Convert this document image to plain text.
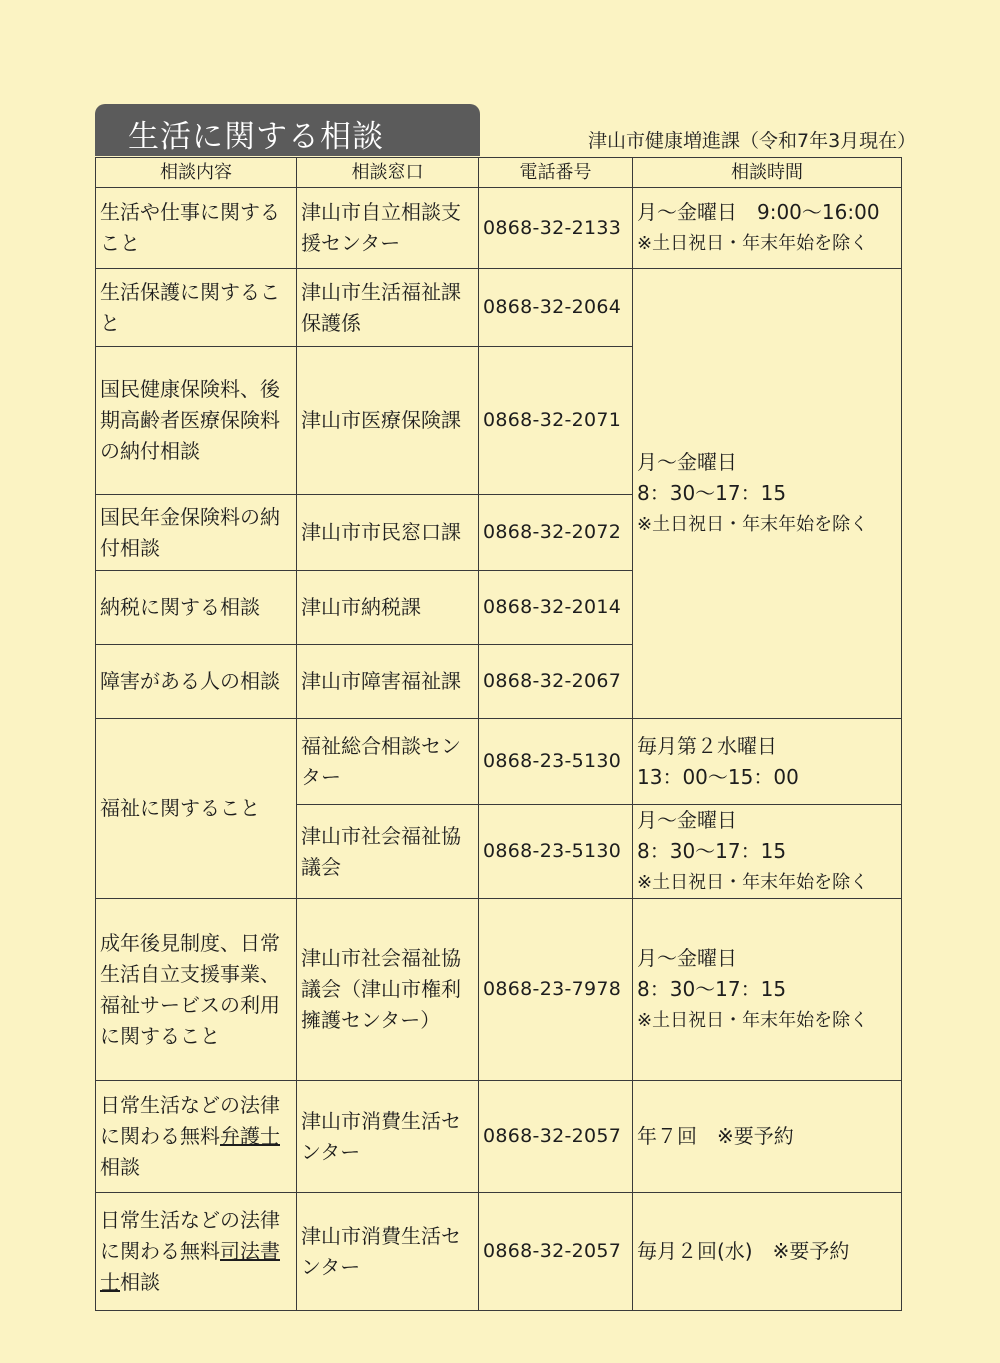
生活に関する相談	津山市健康増進課（令和7年3月現在）
相談内容	相談窓口	電話番号	相談時間	
生活や仕事に関すること	津山市自立相談支援センター	0868-32-2133	月～金曜日　9:00～16:00
※土日祝日・年末年始を除く	

生活保護に関すること	津山市生活福祉課保護係	0868-32-2064	月～金曜日
8：30～17：15
※土日祝日・年末年始を除く	

国民健康保険料、後期高齢者医療保険料の納付相談	津山市医療保険課	0868-32-2071		
国民年金保険料の納付相談	津山市市民窓口課	0868-32-2072		
納税に関する相談	津山市納税課	0868-32-2014		
障害がある人の相談	津山市障害福祉課	0868-32-2067		
福祉に関すること	福祉総合相談センター	0868-23-5130	毎月第２水曜日
13：00～15：00	

	津山市社会福祉協議会	0868-23-5130	月～金曜日
8：30～17：15
※土日祝日・年末年始を除く	

成年後見制度、日常生活自立支援事業、福祉サービスの利用に関すること	津山市社会福祉協議会（津山市権利擁護センター）	0868-23-7978	月～金曜日
8：30～17：15
※土日祝日・年末年始を除く	

日常生活などの法律に関わる無料弁護士相談	津山市消費生活センター	0868-32-2057	年７回　※要予約	
日常生活などの法律に関わる無料司法書士相談	津山市消費生活センター	0868-32-2057	毎月２回(水)　※要予約	
